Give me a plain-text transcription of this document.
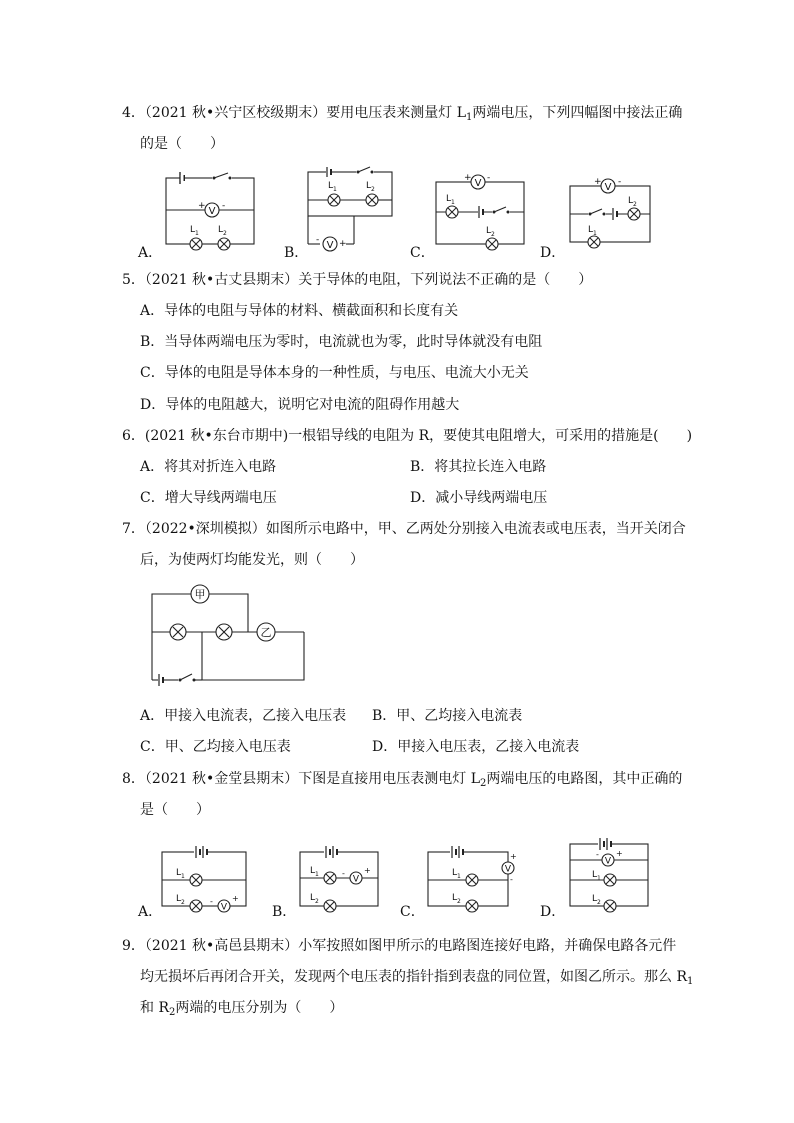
4．（2021 秋•兴宁区校级期末）要用电压表来测量灯 $L_1$两端电压，下列四幅图中接法正确
的是（　　）
V
+ -
L 1 L 2
A．
L 1	L 2
V
- +
B．
V
+ -
L 1
L 2
C．
V
+ -
L 2
L 1
D．
5．（2021 秋•古丈县期末）关于导体的电阻，下列说法不正确的是（　　）
A．导体的电阻与导体的材料、横截面积和长度有关
B．当导体两端电压为零时，电流就也为零，此时导体就没有电阻
C．导体的电阻是导体本身的一种性质，与电压、电流大小无关
D．导体的电阻越大，说明它对电流的阻碍作用越大
6．(2021 秋•东台市期中)一根铝导线的电阻为 R，要使其电阻增大，可采用的措施是(　　)
A．将其对折连入电路	B．将其拉长连入电路
C．增大导线两端电压	D．减小导线两端电压
7．（2022•深圳模拟）如图所示电路中，甲、乙两处分别接入电流表或电压表，当开关闭合
后，为使两灯均能发光，则（　　）
甲
乙
A．甲接入电流表，乙接入电压表 B．甲、乙均接入电流表
C．甲、乙均接入电压表	D．甲接入电压表，乙接入电流表
8．（2021 秋•金堂县期末）下图是直接用电压表测电灯 $L_2$两端电压的电路图，其中正确的
是（　　）
L 1
L 2	V
- +
A．
L 1	V
- +
L 2
B．
V
+
-
L 1
L 2
C．
V
- +
L 1
L 2
D．
9．（2021 秋•高邑县期末）小军按照如图甲所示的电路图连接好电路，并确保电路各元件
均无损坏后再闭合开关，发现两个电压表的指针指到表盘的同位置，如图乙所示。那么 $R_1$
和 $R_2$两端的电压分别为（　　）
